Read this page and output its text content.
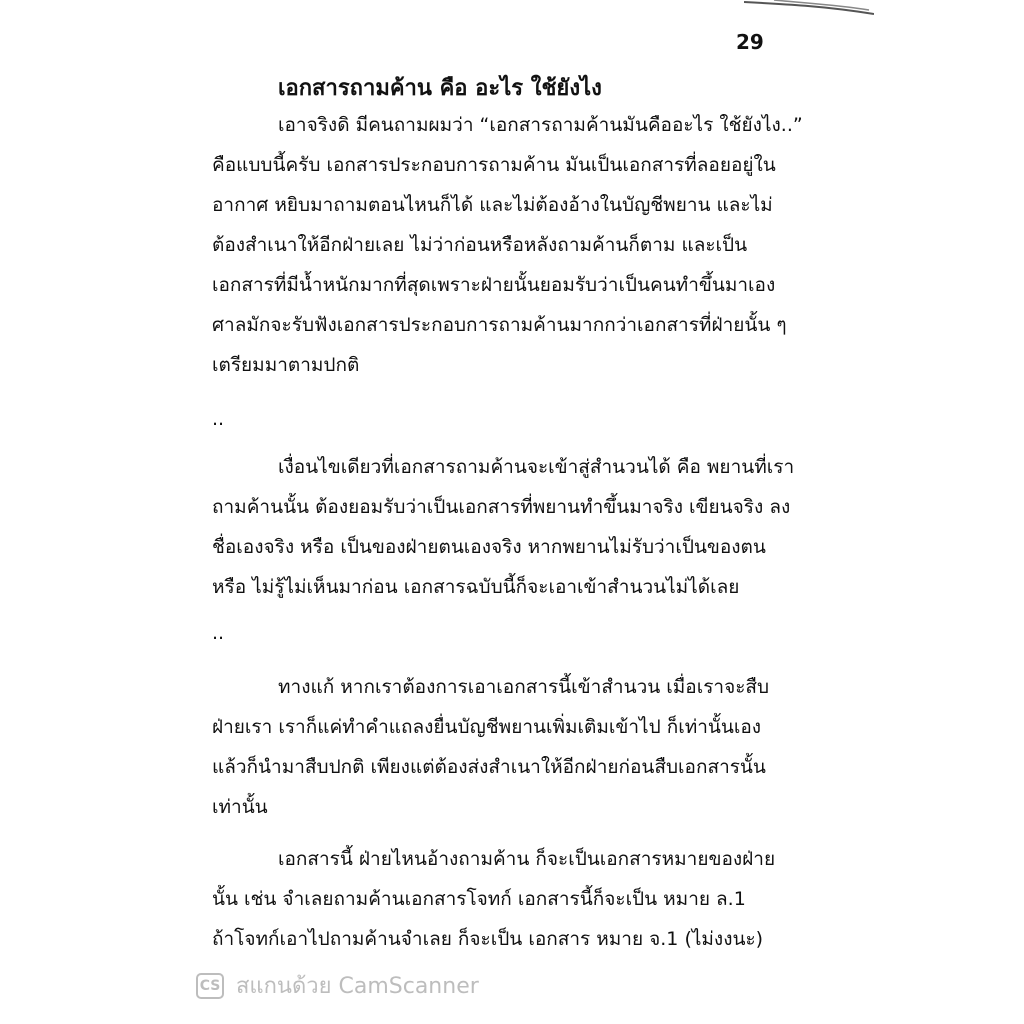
29
เอกสารถามค้าน คือ อะไร ใช้ยังไง
เอาจริงดิ มีคนถามผมว่า “เอกสารถามค้านมันคืออะไร ใช้ยังไง..”
คือแบบนี้ครับ เอกสารประกอบการถามค้าน มันเป็นเอกสารที่ลอยอยู่ใน
อากาศ หยิบมาถามตอนไหนก็ได้ และไม่ต้องอ้างในบัญชีพยาน และไม่
ต้องสำเนาให้อีกฝ่ายเลย ไม่ว่าก่อนหรือหลังถามค้านก็ตาม และเป็น
เอกสารที่มีน้ำหนักมากที่สุดเพราะฝ่ายนั้นยอมรับว่าเป็นคนทำขึ้นมาเอง
ศาลมักจะรับฟังเอกสารประกอบการถามค้านมากกว่าเอกสารที่ฝ่ายนั้น ๆ
เตรียมมาตามปกติ
..
เงื่อนไขเดียวที่เอกสารถามค้านจะเข้าสู่สำนวนได้ คือ พยานที่เรา
ถามค้านนั้น ต้องยอมรับว่าเป็นเอกสารที่พยานทำขึ้นมาจริง เขียนจริง ลง
ชื่อเองจริง หรือ เป็นของฝ่ายตนเองจริง หากพยานไม่รับว่าเป็นของตน
หรือ ไม่รู้ไม่เห็นมาก่อน เอกสารฉบับนี้ก็จะเอาเข้าสำนวนไม่ได้เลย
..
ทางแก้ หากเราต้องการเอาเอกสารนี้เข้าสำนวน เมื่อเราจะสืบ
ฝ่ายเรา เราก็แค่ทำคำแถลงยื่นบัญชีพยานเพิ่มเติมเข้าไป ก็เท่านั้นเอง
แล้วก็นำมาสืบปกติ เพียงแต่ต้องส่งสำเนาให้อีกฝ่ายก่อนสืบเอกสารนั้น
เท่านั้น
เอกสารนี้ ฝ่ายไหนอ้างถามค้าน ก็จะเป็นเอกสารหมายของฝ่าย
นั้น เช่น จำเลยถามค้านเอกสารโจทก์ เอกสารนี้ก็จะเป็น หมาย ล.1
ถ้าโจทก์เอาไปถามค้านจำเลย ก็จะเป็น เอกสาร หมาย จ.1 (ไม่งงนะ)
CS สแกนด้วย CamScanner
